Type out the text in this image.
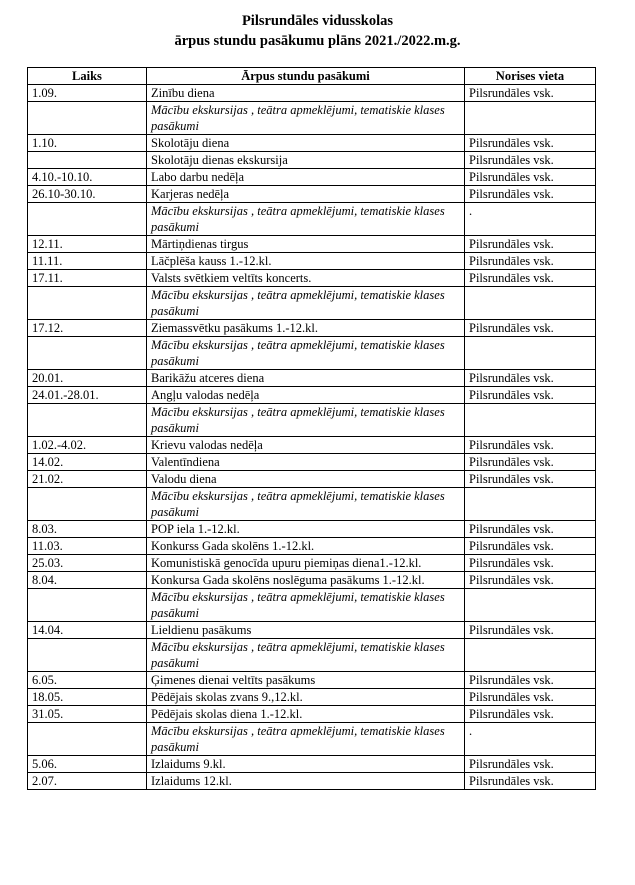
Pilsrundāles vidusskolas
ārpus stundu pasākumu plāns 2021./2022.m.g.
Laiks	Ārpus stundu pasākumi	Norises vieta
1.09.	Zinību diena	Pilsrundāles vsk.
	Mācību ekskursijas , teātra apmeklējumi, tematiskie klases pasākumi	
1.10.	Skolotāju diena	Pilsrundāles vsk.
	Skolotāju dienas ekskursija	Pilsrundāles vsk.
4.10.-10.10.	Labo darbu nedēļa	Pilsrundāles vsk.
26.10-30.10.	Karjeras nedēļa	Pilsrundāles vsk.
	Mācību ekskursijas , teātra apmeklējumi, tematiskie klases pasākumi	.
12.11.	Mārtiņdienas tirgus	Pilsrundāles vsk.
11.11.	Lāčplēša kauss 1.-12.kl.	Pilsrundāles vsk.
17.11.	Valsts svētkiem veltīts koncerts.	Pilsrundāles vsk.
	Mācību ekskursijas , teātra apmeklējumi, tematiskie klases pasākumi	
17.12.	Ziemassvētku pasākums 1.-12.kl.	Pilsrundāles vsk.
	Mācību ekskursijas , teātra apmeklējumi, tematiskie klases pasākumi	
20.01.	Barikāžu atceres diena	Pilsrundāles vsk.
24.01.-28.01.	Angļu valodas nedēļa	Pilsrundāles vsk.
	Mācību ekskursijas , teātra apmeklējumi, tematiskie klases pasākumi	
1.02.-4.02.	Krievu valodas nedēļa	Pilsrundāles vsk.
14.02.	Valentīndiena	Pilsrundāles vsk.
21.02.	Valodu diena	Pilsrundāles vsk.
	Mācību ekskursijas , teātra apmeklējumi, tematiskie klases pasākumi	
8.03.	POP iela 1.-12.kl.	Pilsrundāles vsk.
11.03.	Konkurss Gada skolēns 1.-12.kl.	Pilsrundāles vsk.
25.03.	Komunistiskā genocīda upuru piemiņas diena1.-12.kl.	Pilsrundāles vsk.
8.04.	Konkursa Gada skolēns noslēguma pasākums 1.-12.kl.	Pilsrundāles vsk.
	Mācību ekskursijas , teātra apmeklējumi, tematiskie klases pasākumi	
14.04.	Lieldienu pasākums	Pilsrundāles vsk.
	Mācību ekskursijas , teātra apmeklējumi, tematiskie klases pasākumi	
6.05.	Ģimenes dienai veltīts pasākums	Pilsrundāles vsk.
18.05.	Pēdējais skolas zvans 9.,12.kl.	Pilsrundāles vsk.
31.05.	Pēdējais skolas diena 1.-12.kl.	Pilsrundāles vsk.
	Mācību ekskursijas , teātra apmeklējumi, tematiskie klases pasākumi	.
5.06.	Izlaidums 9.kl.	Pilsrundāles vsk.
2.07.	Izlaidums 12.kl.	Pilsrundāles vsk.
